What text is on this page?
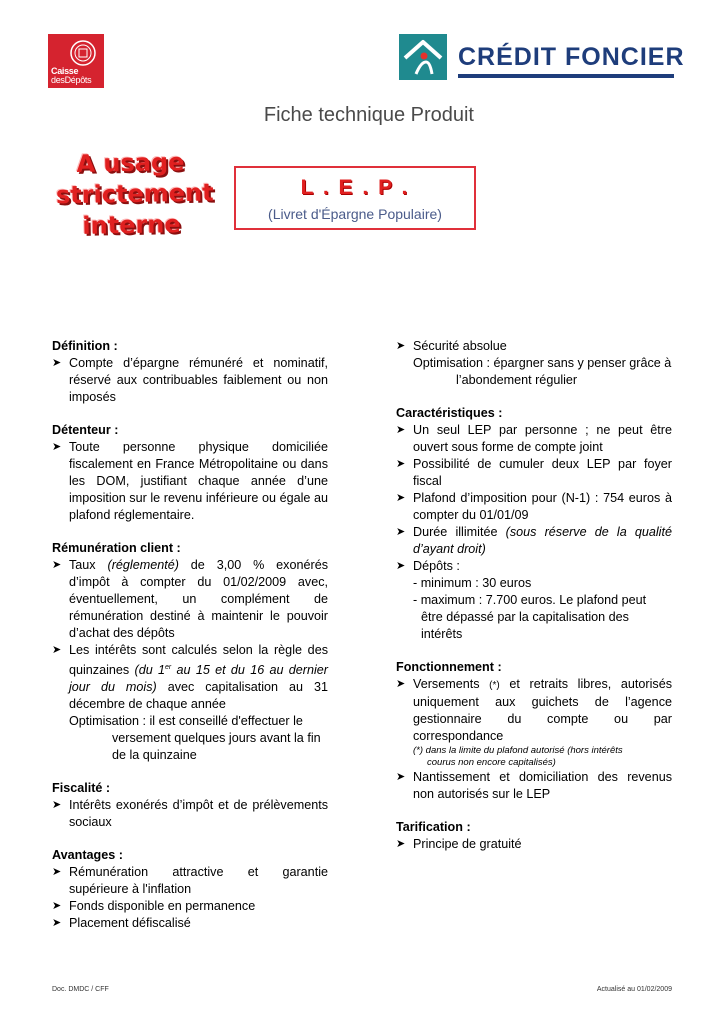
Caisse
desDépôts
CRÉDIT FONCIER
Fiche technique Produit
A usage
strictement
interne
L . E . P .
(Livret d'Épargne Populaire)

Définition :

➤ Compte d’épargne rémunéré et nominatif, réservé aux contribuables faiblement ou non imposés

Détenteur :

➤ Toute personne physique domiciliée fiscalement en France Métropolitaine ou dans les DOM, justifiant chaque année d’une imposition sur le revenu inférieure ou égale au plafond réglementaire.

Rémunération client :

➤ Taux (réglementé) de 3,00 % exonérés d’impôt à compter du 01/02/2009 avec, éventuellement, un complément de rémunération destiné à maintenir le pouvoir d’achat des dépôts
➤ Les intérêts sont calculés selon la règle des quinzaines (du 1er au 15 et du 16 au dernier jour du mois) avec capitalisation au 31 décembre de chaque année
Optimisation : il est conseillé d'effectuer le
versement quelques jours avant la fin
de la quinzaine

Fiscalité :

➤ Intérêts exonérés d’impôt et de prélèvements sociaux

Avantages :

➤ Rémunération attractive et garantie supérieure à l'inflation
➤ Fonds disponible en permanence
➤ Placement défiscalisé
➤ Sécurité absolue
Optimisation : épargner sans y penser grâce à
l’abondement régulier

Caractéristiques :

➤ Un seul LEP par personne ; ne peut être ouvert sous forme de compte joint
➤ Possibilité de cumuler deux LEP par foyer fiscal
➤ Plafond d’imposition pour (N-1) : 754 euros à compter du 01/01/09
➤ Durée illimitée (sous réserve de la qualité d’ayant droit)
➤ Dépôts :
- minimum : 30 euros
- maximum : 7.700 euros. Le plafond peut
être dépassé par la capitalisation des
intérêts

Fonctionnement :

➤ Versements (*) et retraits libres, autorisés uniquement aux guichets de l’agence gestionnaire du compte ou par correspondance
(*) dans la limite du plafond autorisé (hors intérêts
courus non encore capitalisés)
➤ Nantissement et domiciliation des revenus non autorisés sur le LEP

Tarification :

➤ Principe de gratuité
Doc. DMDC / CFF	Actualisé au 01/02/2009
